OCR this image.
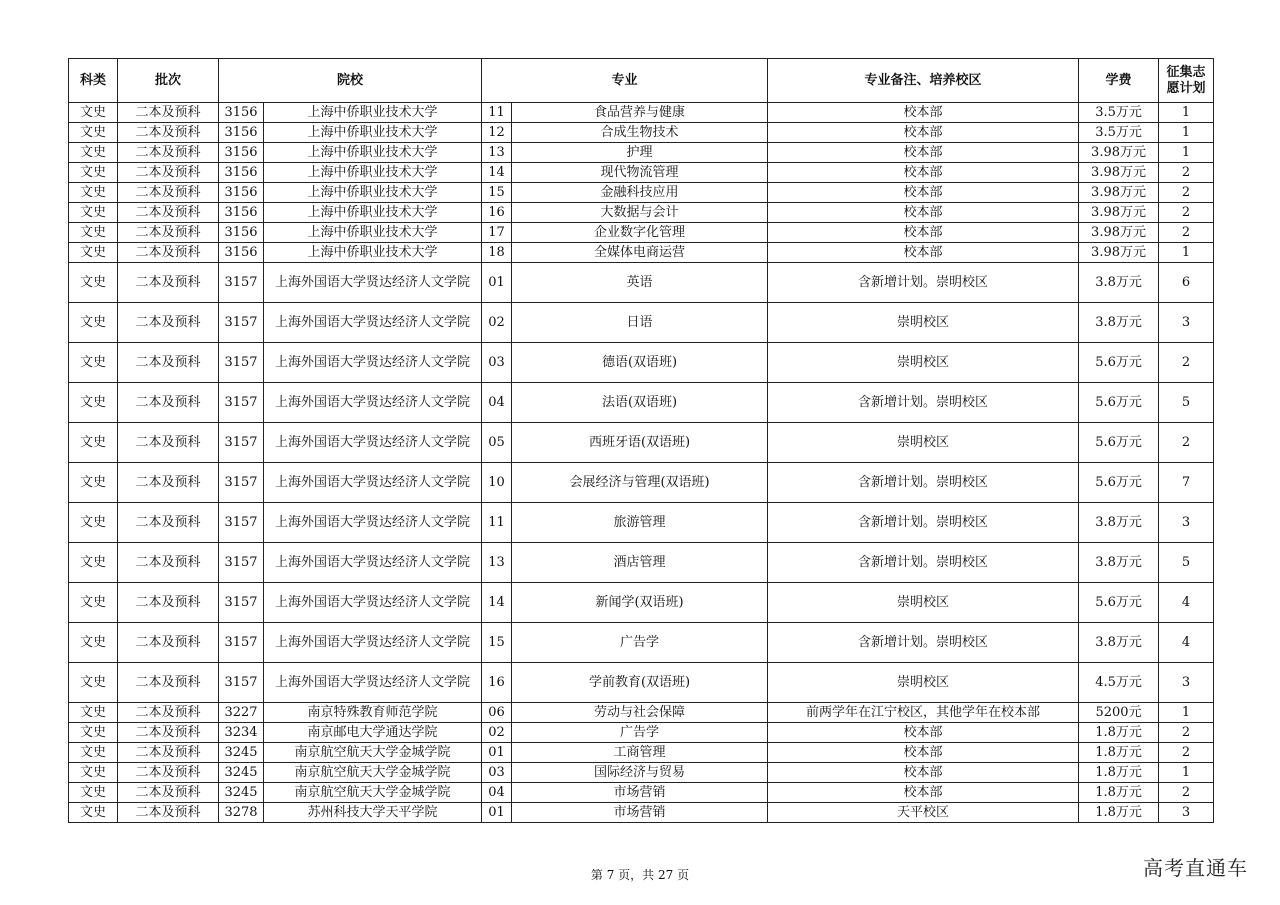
科类	批次	院校		专业		专业备注、培养校区	学费	征集志
愿计划
文史	二本及预科	3156	上海中侨职业技术大学	11	食品营养与健康	校本部	3.5万元	1
文史	二本及预科	3156	上海中侨职业技术大学	12	合成生物技术	校本部	3.5万元	1
文史	二本及预科	3156	上海中侨职业技术大学	13	护理	校本部	3.98万元	1
文史	二本及预科	3156	上海中侨职业技术大学	14	现代物流管理	校本部	3.98万元	2
文史	二本及预科	3156	上海中侨职业技术大学	15	金融科技应用	校本部	3.98万元	2
文史	二本及预科	3156	上海中侨职业技术大学	16	大数据与会计	校本部	3.98万元	2
文史	二本及预科	3156	上海中侨职业技术大学	17	企业数字化管理	校本部	3.98万元	2
文史	二本及预科	3156	上海中侨职业技术大学	18	全媒体电商运营	校本部	3.98万元	1
文史	二本及预科	3157	上海外国语大学贤达经济人文学院	01	英语	含新增计划。崇明校区	3.8万元	6
文史	二本及预科	3157	上海外国语大学贤达经济人文学院	02	日语	崇明校区	3.8万元	3
文史	二本及预科	3157	上海外国语大学贤达经济人文学院	03	德语(双语班)	崇明校区	5.6万元	2
文史	二本及预科	3157	上海外国语大学贤达经济人文学院	04	法语(双语班)	含新增计划。崇明校区	5.6万元	5
文史	二本及预科	3157	上海外国语大学贤达经济人文学院	05	西班牙语(双语班)	崇明校区	5.6万元	2
文史	二本及预科	3157	上海外国语大学贤达经济人文学院	10	会展经济与管理(双语班)	含新增计划。崇明校区	5.6万元	7
文史	二本及预科	3157	上海外国语大学贤达经济人文学院	11	旅游管理	含新增计划。崇明校区	3.8万元	3
文史	二本及预科	3157	上海外国语大学贤达经济人文学院	13	酒店管理	含新增计划。崇明校区	3.8万元	5
文史	二本及预科	3157	上海外国语大学贤达经济人文学院	14	新闻学(双语班)	崇明校区	5.6万元	4
文史	二本及预科	3157	上海外国语大学贤达经济人文学院	15	广告学	含新增计划。崇明校区	3.8万元	4
文史	二本及预科	3157	上海外国语大学贤达经济人文学院	16	学前教育(双语班)	崇明校区	4.5万元	3
文史	二本及预科	3227	南京特殊教育师范学院	06	劳动与社会保障	前两学年在江宁校区，其他学年在校本部	5200元	1
文史	二本及预科	3234	南京邮电大学通达学院	02	广告学	校本部	1.8万元	2
文史	二本及预科	3245	南京航空航天大学金城学院	01	工商管理	校本部	1.8万元	2
文史	二本及预科	3245	南京航空航天大学金城学院	03	国际经济与贸易	校本部	1.8万元	1
文史	二本及预科	3245	南京航空航天大学金城学院	04	市场营销	校本部	1.8万元	2
文史	二本及预科	3278	苏州科技大学天平学院	01	市场营销	天平校区	1.8万元	3
第 7 页，共 27 页	高考直通车
